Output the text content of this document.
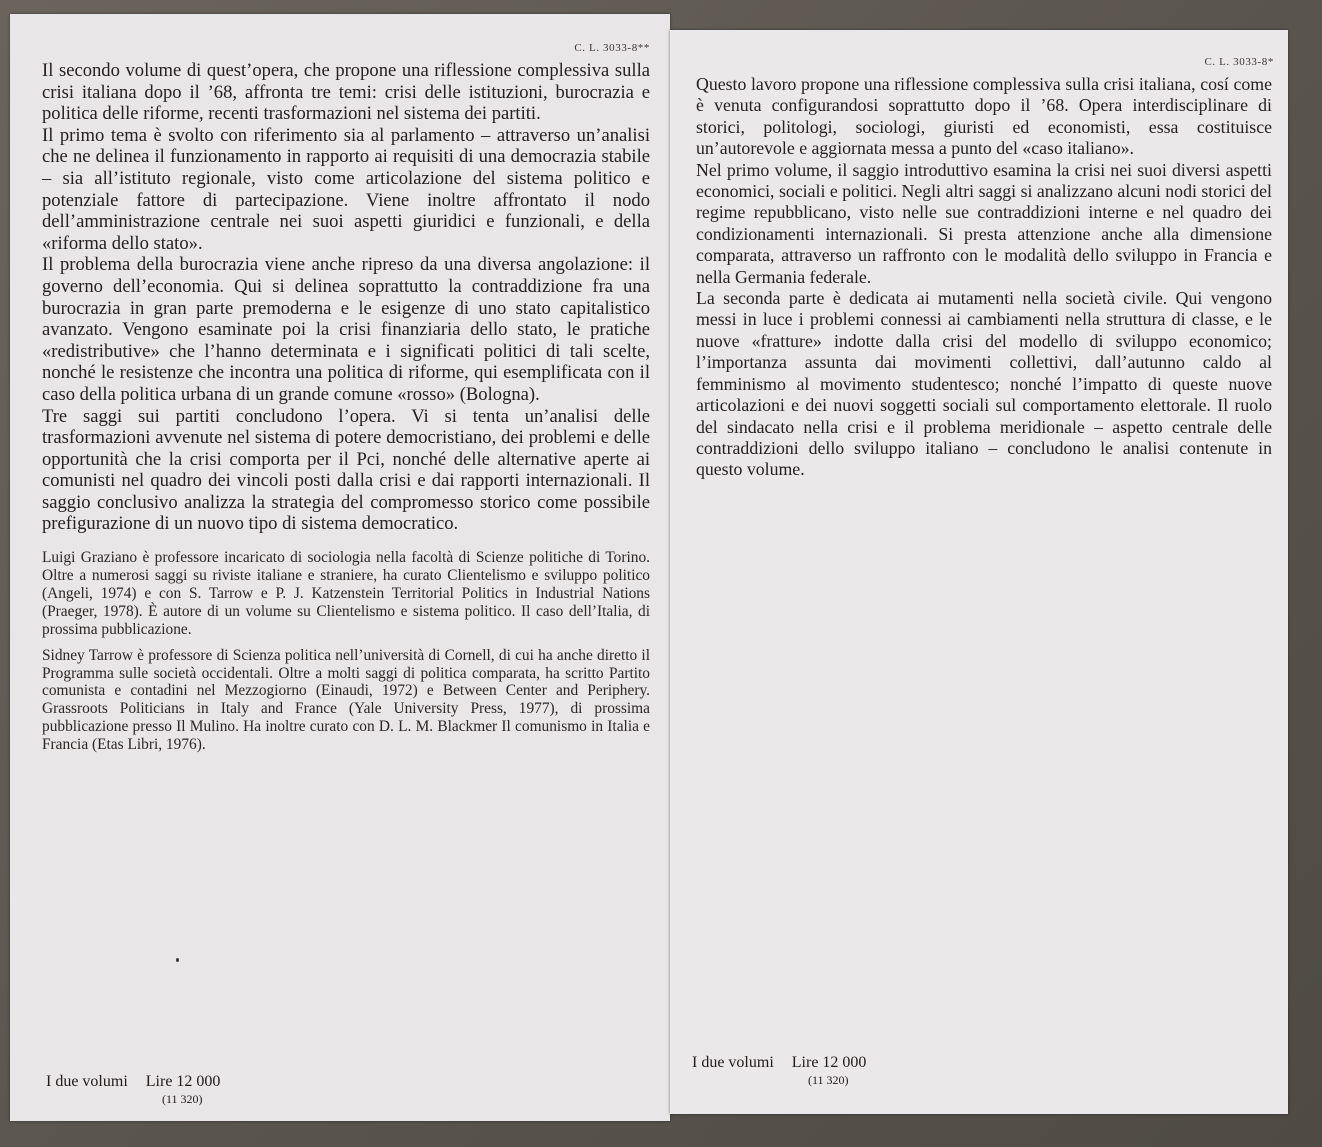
C. L. 3033-8**

Il secondo volume di quest’opera, che propone una riflessione complessiva sulla crisi italiana dopo il ’68, affronta tre temi: crisi delle istituzioni, burocrazia e politica delle riforme, recenti trasformazioni nel sistema dei partiti.

Il primo tema è svolto con riferimento sia al parlamento – attraverso un’analisi che ne delinea il funzionamento in rapporto ai requisiti di una democrazia stabile – sia all’istituto regionale, visto come articolazione del sistema politico e potenziale fattore di partecipazione. Viene inoltre affrontato il nodo dell’amministrazione centrale nei suoi aspetti giuridici e funzionali, e della «riforma dello stato».

Il problema della burocrazia viene anche ripreso da una diversa angolazione: il governo dell’economia. Qui si delinea soprattutto la contraddizione fra una burocrazia in gran parte premoderna e le esigenze di uno stato capitalistico avanzato. Vengono esaminate poi la crisi finanziaria dello stato, le pratiche «redistributive» che l’hanno determinata e i significati politici di tali scelte, nonché le resistenze che incontra una politica di riforme, qui esemplificata con il caso della politica urbana di un grande comune «rosso» (Bologna).

Tre saggi sui partiti concludono l’opera. Vi si tenta un’analisi delle trasformazioni avvenute nel sistema di potere democristiano, dei problemi e delle opportunità che la crisi comporta per il Pci, nonché delle alternative aperte ai comunisti nel quadro dei vincoli posti dalla crisi e dai rapporti internazionali. Il saggio conclusivo analizza la strategia del compromesso storico come possibile prefigurazione di un nuovo tipo di sistema democratico.

Luigi Graziano è professore incaricato di sociologia nella facoltà di Scienze politiche di Torino. Oltre a numerosi saggi su riviste italiane e straniere, ha curato Clientelismo e sviluppo politico (Angeli, 1974) e con S. Tarrow e P. J. Katzenstein Territorial Politics in Industrial Nations (Praeger, 1978). È autore di un volume su Clientelismo e sistema politico. Il caso dell’Italia, di prossima pubblicazione.

Sidney Tarrow è professore di Scienza politica nell’università di Cornell, di cui ha anche diretto il Programma sulle società occidentali. Oltre a molti saggi di politica comparata, ha scritto Partito comunista e contadini nel Mezzogiorno (Einaudi, 1972) e Between Center and Periphery. Grassroots Politicians in Italy and France (Yale University Press, 1977), di prossima pubblicazione presso Il Mulino. Ha inoltre curato con D. L. M. Blackmer Il comunismo in Italia e Francia (Etas Libri, 1976).

I due volumi Lire 12 000
(11 320)
C. L. 3033-8*

Questo lavoro propone una riflessione complessiva sulla crisi italiana, cosí come è venuta configurandosi soprattutto dopo il ’68. Opera interdisciplinare di storici, politologi, sociologi, giuristi ed economisti, essa costituisce un’autorevole e aggiornata messa a punto del «caso italiano».

Nel primo volume, il saggio introduttivo esamina la crisi nei suoi diversi aspetti economici, sociali e politici. Negli altri saggi si analizzano alcuni nodi storici del regime repubblicano, visto nelle sue contraddizioni interne e nel quadro dei condizionamenti internazionali. Si presta attenzione anche alla dimensione comparata, attraverso un raffronto con le modalità dello sviluppo in Francia e nella Germania federale.

La seconda parte è dedicata ai mutamenti nella società civile. Qui vengono messi in luce i problemi connessi ai cambiamenti nella struttura di classe, e le nuove «fratture» indotte dalla crisi del modello di sviluppo economico; l’importanza assunta dai movimenti collettivi, dall’autunno caldo al femminismo al movimento studentesco; nonché l’impatto di queste nuove articolazioni e dei nuovi soggetti sociali sul comportamento elettorale. Il ruolo del sindacato nella crisi e il problema meridionale – aspetto centrale delle contraddizioni dello sviluppo italiano – concludono le analisi contenute in questo volume.

I due volumi Lire 12 000
(11 320)
